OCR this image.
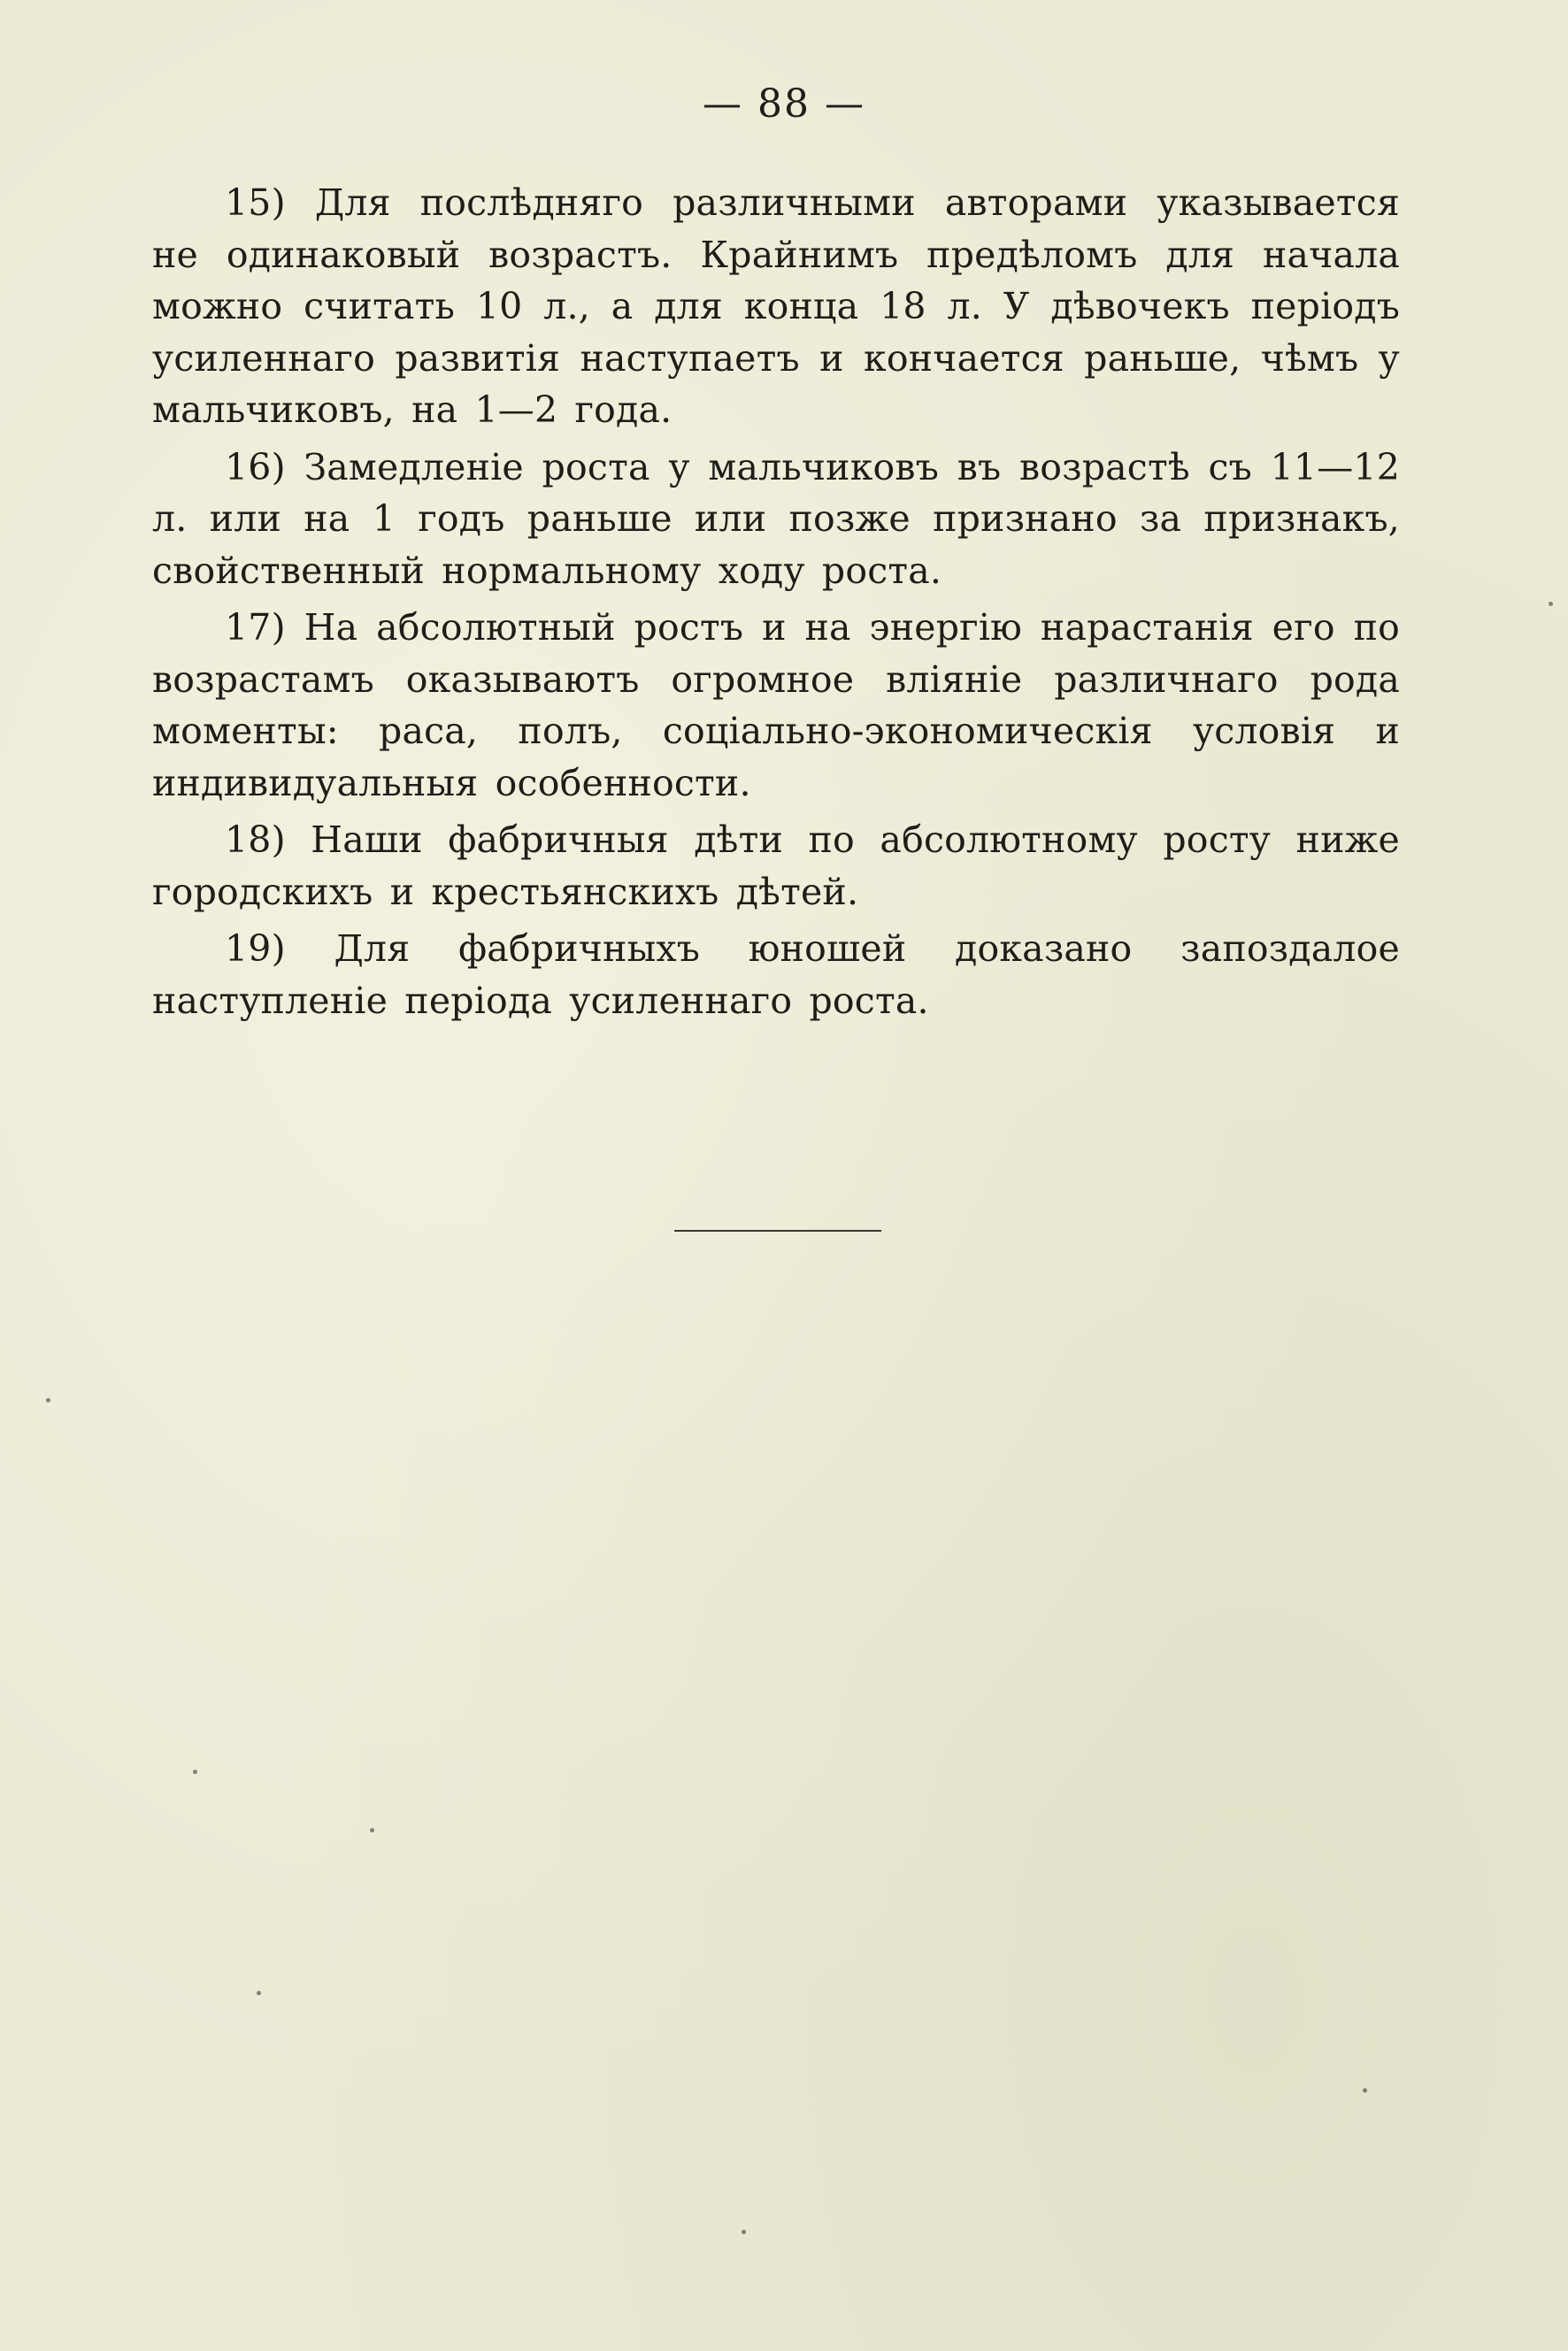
— 88 —

15) Для послѣдняго различными авторами указывается не одинаковый возрастъ. Крайнимъ предѣломъ для начала можно считать 10 л., а для конца 18 л. У дѣвочекъ періодъ усиленнаго развитія наступаетъ и кончается раньше, чѣмъ у мальчиковъ, на 1—2 года.

16) Замедленіе роста у мальчиковъ въ возрастѣ съ 11—12 л. или на 1 годъ раньше или позже признано за признакъ, свойственный нормальному ходу роста.

17) На абсолютный ростъ и на энергію нарастанія его по возрастамъ оказываютъ огромное вліяніе различнаго рода моменты: раса, полъ, соціально-экономическія условія и индивидуальныя особенности.

18) Наши фабричныя дѣти по абсолютному росту ниже городскихъ и крестьянскихъ дѣтей.

19) Для фабричныхъ юношей доказано запоздалое наступленіе періода усиленнаго роста.
